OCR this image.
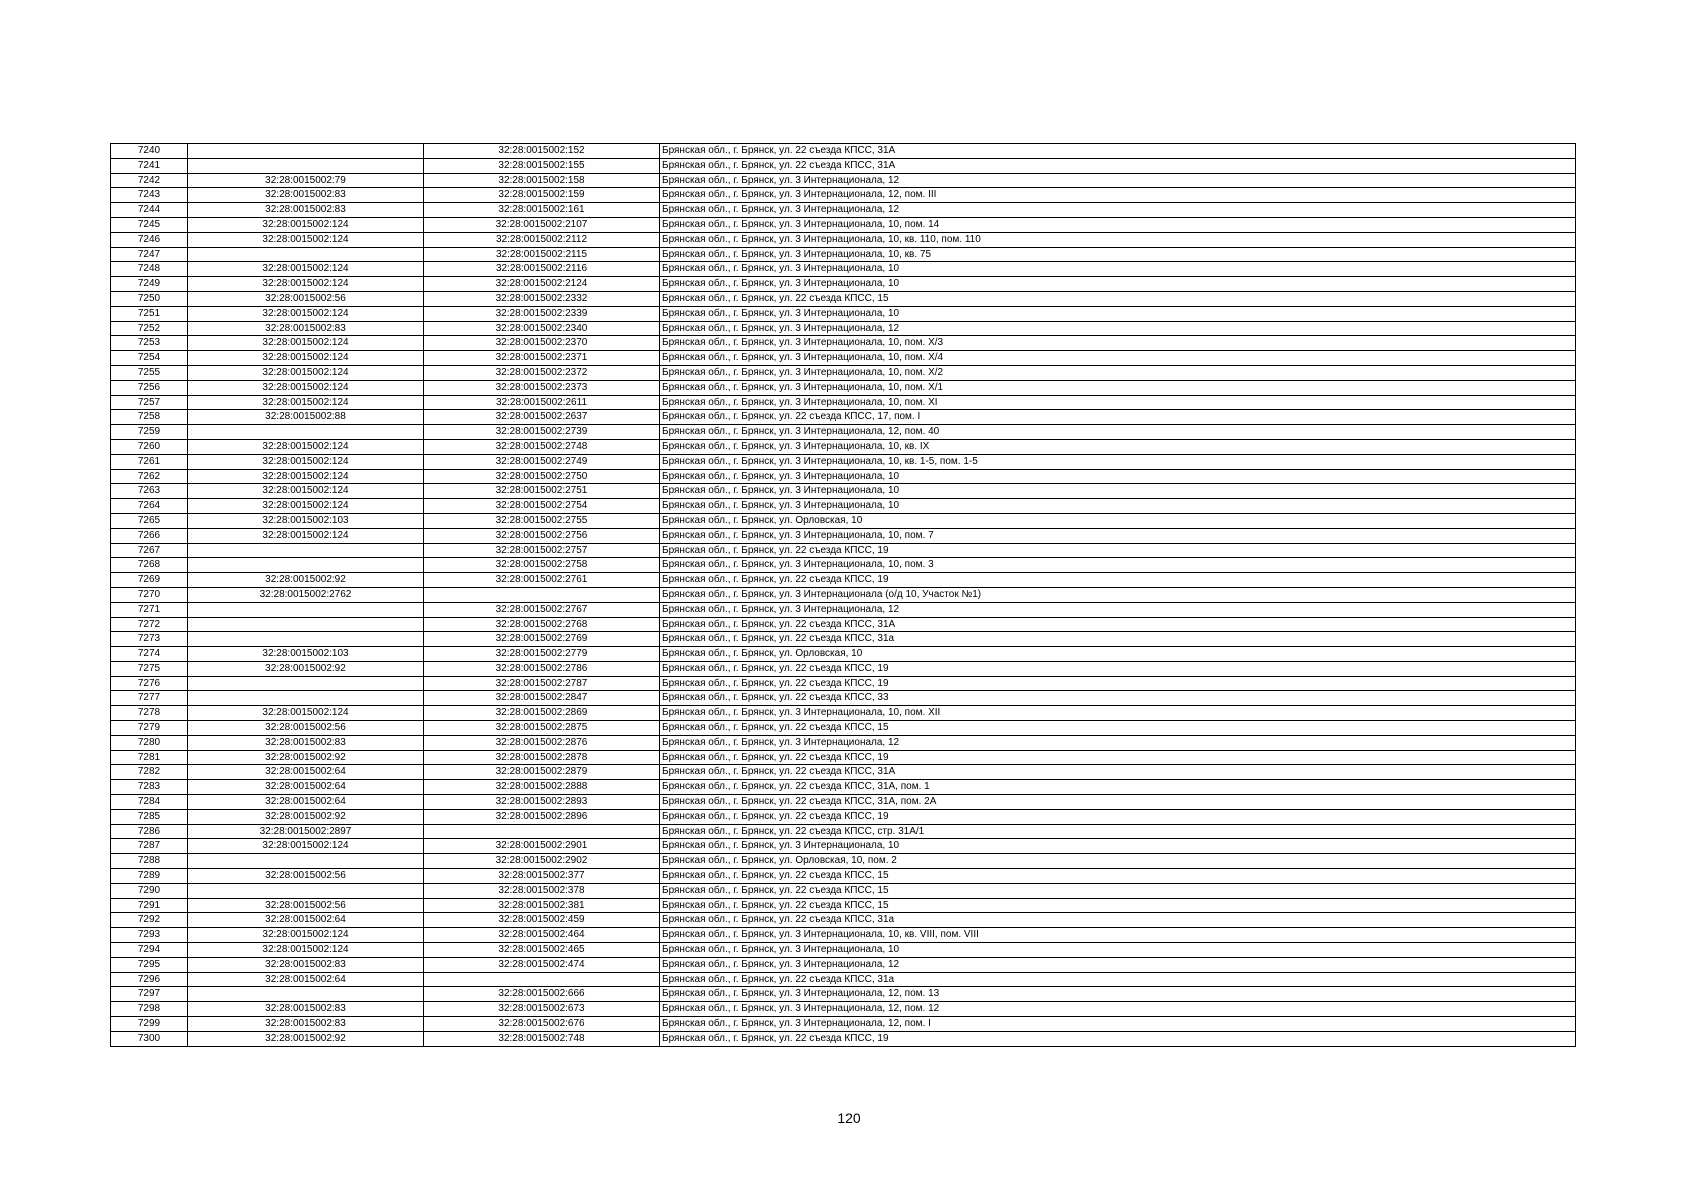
7240		32:28:0015002:152	Брянская обл., г. Брянск, ул. 22 съезда КПСС, 31А
7241		32:28:0015002:155	Брянская обл., г. Брянск, ул. 22 съезда КПСС, 31А
7242	32:28:0015002:79	32:28:0015002:158	Брянская обл., г. Брянск, ул. 3 Интернационала, 12
7243	32:28:0015002:83	32:28:0015002:159	Брянская обл., г. Брянск, ул. 3 Интернационала, 12, пом. III
7244	32:28:0015002:83	32:28:0015002:161	Брянская обл., г. Брянск, ул. 3 Интернационала, 12
7245	32:28:0015002:124	32:28:0015002:2107	Брянская обл., г. Брянск, ул. 3 Интернационала, 10, пом. 14
7246	32:28:0015002:124	32:28:0015002:2112	Брянская обл., г. Брянск, ул. 3 Интернационала, 10, кв. 110, пом. 110
7247		32:28:0015002:2115	Брянская обл., г. Брянск, ул. 3 Интернационала, 10, кв. 75
7248	32:28:0015002:124	32:28:0015002:2116	Брянская обл., г. Брянск, ул. 3 Интернационала, 10
7249	32:28:0015002:124	32:28:0015002:2124	Брянская обл., г. Брянск, ул. 3 Интернационала, 10
7250	32:28:0015002:56	32:28:0015002:2332	Брянская обл., г. Брянск, ул. 22 съезда КПСС, 15
7251	32:28:0015002:124	32:28:0015002:2339	Брянская обл., г. Брянск, ул. 3 Интернационала, 10
7252	32:28:0015002:83	32:28:0015002:2340	Брянская обл., г. Брянск, ул. 3 Интернационала, 12
7253	32:28:0015002:124	32:28:0015002:2370	Брянская обл., г. Брянск, ул. 3 Интернационала, 10, пом. Х/3
7254	32:28:0015002:124	32:28:0015002:2371	Брянская обл., г. Брянск, ул. 3 Интернационала, 10, пом. Х/4
7255	32:28:0015002:124	32:28:0015002:2372	Брянская обл., г. Брянск, ул. 3 Интернационала, 10, пом. Х/2
7256	32:28:0015002:124	32:28:0015002:2373	Брянская обл., г. Брянск, ул. 3 Интернационала, 10, пом. Х/1
7257	32:28:0015002:124	32:28:0015002:2611	Брянская обл., г. Брянск, ул. 3 Интернационала, 10, пом. XI
7258	32:28:0015002:88	32:28:0015002:2637	Брянская обл., г. Брянск, ул. 22 съезда КПСС, 17, пом. I
7259		32:28:0015002:2739	Брянская обл., г. Брянск, ул. 3 Интернационала, 12, пом. 40
7260	32:28:0015002:124	32:28:0015002:2748	Брянская обл., г. Брянск, ул. 3 Интернационала, 10, кв. IX
7261	32:28:0015002:124	32:28:0015002:2749	Брянская обл., г. Брянск, ул. 3 Интернационала, 10, кв. 1-5, пом. 1-5
7262	32:28:0015002:124	32:28:0015002:2750	Брянская обл., г. Брянск, ул. 3 Интернационала, 10
7263	32:28:0015002:124	32:28:0015002:2751	Брянская обл., г. Брянск, ул. 3 Интернационала, 10
7264	32:28:0015002:124	32:28:0015002:2754	Брянская обл., г. Брянск, ул. 3 Интернационала, 10
7265	32:28:0015002:103	32:28:0015002:2755	Брянская обл., г. Брянск, ул. Орловская, 10
7266	32:28:0015002:124	32:28:0015002:2756	Брянская обл., г. Брянск, ул. 3 Интернационала, 10, пом. 7
7267		32:28:0015002:2757	Брянская обл., г. Брянск, ул. 22 съезда КПСС, 19
7268		32:28:0015002:2758	Брянская обл., г. Брянск, ул. 3 Интернационала, 10, пом. 3
7269	32:28:0015002:92	32:28:0015002:2761	Брянская обл., г. Брянск, ул. 22 съезда КПСС, 19
7270	32:28:0015002:2762		Брянская обл., г. Брянск, ул. 3 Интернационала (о/д 10, Участок №1)
7271		32:28:0015002:2767	Брянская обл., г. Брянск, ул. 3 Интернационала, 12
7272		32:28:0015002:2768	Брянская обл., г. Брянск, ул. 22 съезда КПСС, 31А
7273		32:28:0015002:2769	Брянская обл., г. Брянск, ул. 22 съезда КПСС, 31а
7274	32:28:0015002:103	32:28:0015002:2779	Брянская обл., г. Брянск, ул. Орловская, 10
7275	32:28:0015002:92	32:28:0015002:2786	Брянская обл., г. Брянск, ул. 22 съезда КПСС, 19
7276		32:28:0015002:2787	Брянская обл., г. Брянск, ул. 22 съезда КПСС, 19
7277		32:28:0015002:2847	Брянская обл., г. Брянск, ул. 22 съезда КПСС, 33
7278	32:28:0015002:124	32:28:0015002:2869	Брянская обл., г. Брянск, ул. 3 Интернационала, 10, пом. XII
7279	32:28:0015002:56	32:28:0015002:2875	Брянская обл., г. Брянск, ул. 22 съезда КПСС, 15
7280	32:28:0015002:83	32:28:0015002:2876	Брянская обл., г. Брянск, ул. 3 Интернационала, 12
7281	32:28:0015002:92	32:28:0015002:2878	Брянская обл., г. Брянск, ул. 22 съезда КПСС, 19
7282	32:28:0015002:64	32:28:0015002:2879	Брянская обл., г. Брянск, ул. 22 съезда КПСС, 31А
7283	32:28:0015002:64	32:28:0015002:2888	Брянская обл., г. Брянск, ул. 22 съезда КПСС, 31А, пом. 1
7284	32:28:0015002:64	32:28:0015002:2893	Брянская обл., г. Брянск, ул. 22 съезда КПСС, 31А, пом. 2А
7285	32:28:0015002:92	32:28:0015002:2896	Брянская обл., г. Брянск, ул. 22 съезда КПСС, 19
7286	32:28:0015002:2897		Брянская обл., г. Брянск, ул. 22 съезда КПСС, стр. 31А/1
7287	32:28:0015002:124	32:28:0015002:2901	Брянская обл., г. Брянск, ул. 3 Интернационала, 10
7288		32:28:0015002:2902	Брянская обл., г. Брянск, ул. Орловская, 10, пом. 2
7289	32:28:0015002:56	32:28:0015002:377	Брянская обл., г. Брянск, ул. 22 съезда КПСС, 15
7290		32:28:0015002:378	Брянская обл., г. Брянск, ул. 22 съезда КПСС, 15
7291	32:28:0015002:56	32:28:0015002:381	Брянская обл., г. Брянск, ул. 22 съезда КПСС, 15
7292	32:28:0015002:64	32:28:0015002:459	Брянская обл., г. Брянск, ул. 22 съезда КПСС, 31а
7293	32:28:0015002:124	32:28:0015002:464	Брянская обл., г. Брянск, ул. 3 Интернационала, 10, кв. VIII, пом. VIII
7294	32:28:0015002:124	32:28:0015002:465	Брянская обл., г. Брянск, ул. 3 Интернационала, 10
7295	32:28:0015002:83	32:28:0015002:474	Брянская обл., г. Брянск, ул. 3 Интернационала, 12
7296	32:28:0015002:64		Брянская обл., г. Брянск, ул. 22 съезда КПСС, 31а
7297		32:28:0015002:666	Брянская обл., г. Брянск, ул. 3 Интернационала, 12, пом. 13
7298	32:28:0015002:83	32:28:0015002:673	Брянская обл., г. Брянск, ул. 3 Интернационала, 12, пом. 12
7299	32:28:0015002:83	32:28:0015002:676	Брянская обл., г. Брянск, ул. 3 Интернационала, 12, пом. I
7300	32:28:0015002:92	32:28:0015002:748	Брянская обл., г. Брянск, ул. 22 съезда КПСС, 19
120
